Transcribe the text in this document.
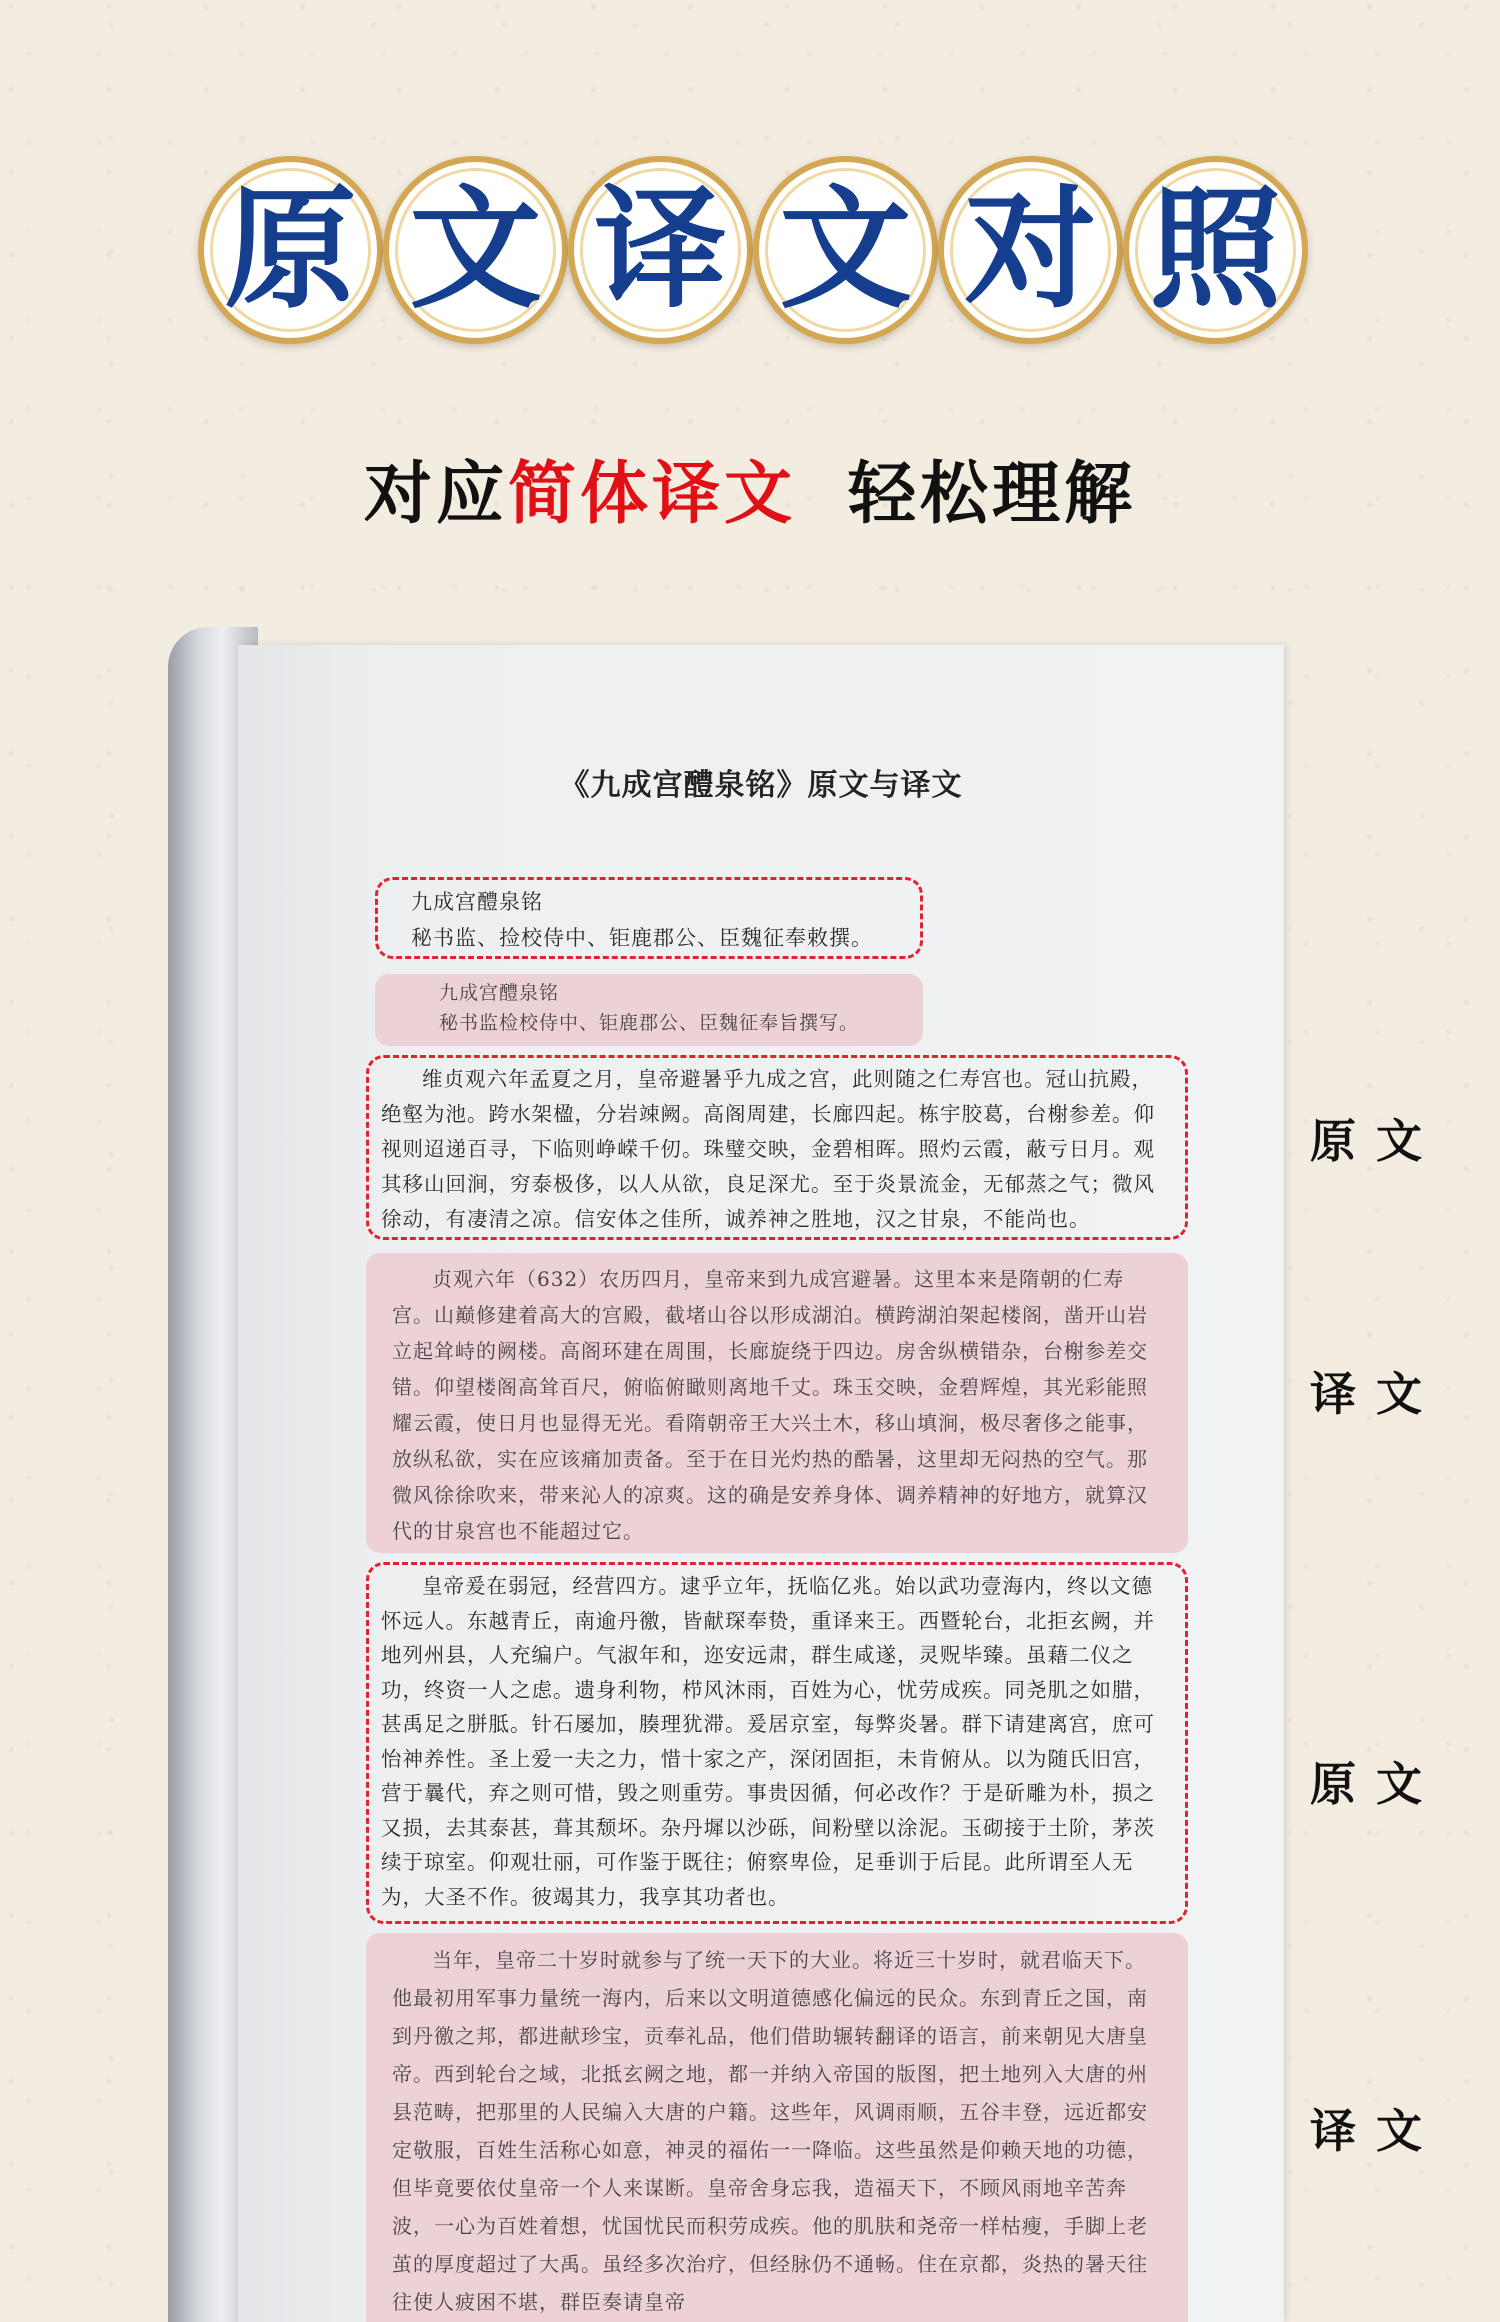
原 文 译 文 对 照
对应简体译文 轻松理解
《九成宫醴泉铭》原文与译文

九成宫醴泉铭

秘书监、捡校侍中、钜鹿郡公、臣魏征奉敕撰。

九成宫醴泉铭

秘书监检校侍中、钜鹿郡公、臣魏征奉旨撰写。

维贞观六年孟夏之月，皇帝避暑乎九成之宫，此则随之仁寿宫也。冠山抗殿，绝壑为池。跨水架楹，分岩竦阙。高阁周建，长廊四起。栋宇胶葛，台榭参差。仰视则迢递百寻，下临则峥嵘千仞。珠璧交映，金碧相晖。照灼云霞，蔽亏日月。观其移山回涧，穷泰极侈，以人从欲，良足深尤。至于炎景流金，无郁蒸之气；微风徐动，有凄清之凉。信安体之佳所，诚养神之胜地，汉之甘泉，不能尚也。

贞观六年（632）农历四月，皇帝来到九成宫避暑。这里本来是隋朝的仁寿宫。山巅修建着高大的宫殿，截堵山谷以形成湖泊。横跨湖泊架起楼阁，凿开山岩立起耸峙的阙楼。高阁环建在周围，长廊旋绕于四边。房舍纵横错杂，台榭参差交错。仰望楼阁高耸百尺，俯临俯瞰则离地千丈。珠玉交映，金碧辉煌，其光彩能照耀云霞，使日月也显得无光。看隋朝帝王大兴土木，移山填涧，极尽奢侈之能事，放纵私欲，实在应该痛加责备。至于在日光灼热的酷暑，这里却无闷热的空气。那微风徐徐吹来，带来沁人的凉爽。这的确是安养身体、调养精神的好地方，就算汉代的甘泉宫也不能超过它。

皇帝爰在弱冠，经营四方。逮乎立年，抚临亿兆。始以武功壹海内，终以文德怀远人。东越青丘，南逾丹徼，皆献琛奉贽，重译来王。西暨轮台，北拒玄阙，并地列州县，人充编户。气淑年和，迩安远肃，群生咸遂，灵贶毕臻。虽藉二仪之功，终资一人之虑。遗身利物，栉风沐雨，百姓为心，忧劳成疾。同尧肌之如腊，甚禹足之胼胝。针石屡加，腠理犹滞。爰居京室，每弊炎暑。群下请建离宫，庶可怡神养性。圣上爱一夫之力，惜十家之产，深闭固拒，未肯俯从。以为随氏旧宫，营于曩代，弃之则可惜，毁之则重劳。事贵因循，何必改作？于是斫雕为朴，损之又损，去其泰甚，葺其颓坏。杂丹墀以沙砾，间粉壁以涂泥。玉砌接于土阶，茅茨续于琼室。仰观壮丽，可作鉴于既往；俯察卑俭，足垂训于后昆。此所谓至人无为，大圣不作。彼竭其力，我享其功者也。

当年，皇帝二十岁时就参与了统一天下的大业。将近三十岁时，就君临天下。他最初用军事力量统一海内，后来以文明道德感化偏远的民众。东到青丘之国，南到丹徼之邦，都进献珍宝，贡奉礼品，他们借助辗转翻译的语言，前来朝见大唐皇帝。西到轮台之域，北抵玄阙之地，都一并纳入帝国的版图，把土地列入大唐的州县范畴，把那里的人民编入大唐的户籍。这些年，风调雨顺，五谷丰登，远近都安定敬服，百姓生活称心如意，神灵的福佑一一降临。这些虽然是仰赖天地的功德，但毕竟要依仗皇帝一个人来谋断。皇帝舍身忘我，造福天下，不顾风雨地辛苦奔波，一心为百姓着想，忧国忧民而积劳成疾。他的肌肤和尧帝一样枯瘦，手脚上老茧的厚度超过了大禹。虽经多次治疗，但经脉仍不通畅。住在京都，炎热的暑天往往使人疲困不堪，群臣奏请皇帝

原文
译文
原文
译文
